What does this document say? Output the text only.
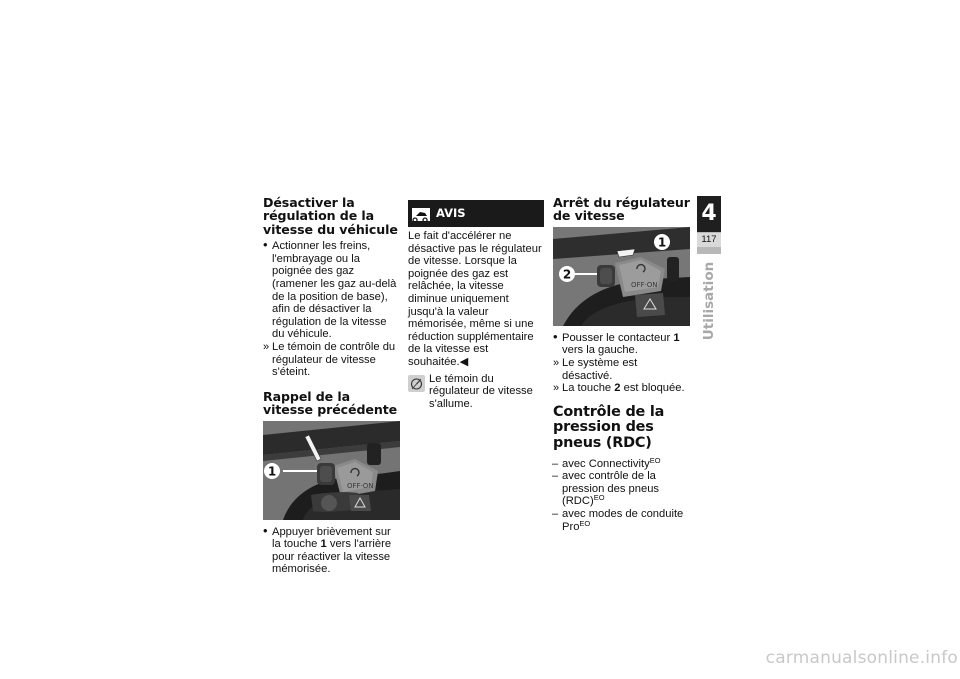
Désactiver la régulation de la vitesse du véhicule
• Actionner les freins, l'embrayage ou la poignée des gaz (ramener les gaz au-delà de la position de base), afin de désactiver la régulation de la vitesse du véhicule.
» Le témoin de contrôle du régulateur de vitesse s'éteint.
Rappel de la vitesse précédente
OFF·ON
1
• Appuyer brièvement sur la touche 1 vers l'arrière pour réactiver la vitesse mémorisée.
AVIS

Le fait d'accélérer ne désactive pas le régulateur de vitesse. Lorsque la poignée des gaz est relâchée, la vitesse diminue uniquement jusqu'à la valeur mémorisée, même si une réduction supplémentaire de la vitesse est souhaitée.◀

Le témoin du régulateur de vitesse s'allume.
Arrêt du régulateur de vitesse
OFF·ON
1
2
• Pousser le contacteur 1 vers la gauche.
» Le système est désactivé.
» La touche 2 est bloquée.
Contrôle de la pression des pneus (RDC)
– avec Connectivity$^{EO}$
– avec contrôle de la pression des pneus (RDC)$^{EO}$
– avec modes de conduite Pro$^{EO}$
4
117
Utilisation
carmanualsonline.info
